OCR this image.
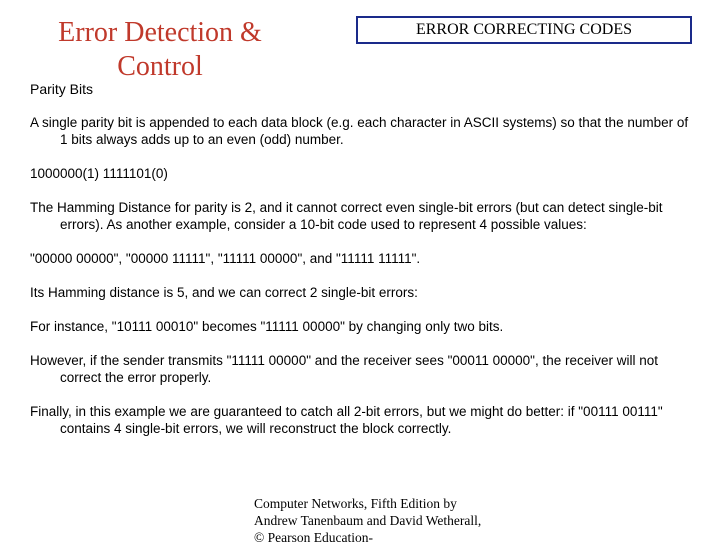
Error Detection & Control
ERROR CORRECTING CODES
Parity Bits

A single parity bit is appended to each data block (e.g. each character in ASCII systems) so that the number of 1 bits always adds up to an even (odd) number.

1000000(1) 1111101(0)

The Hamming Distance for parity is 2, and it cannot correct even single-bit errors (but can detect single-bit errors). As another example, consider a 10-bit code used to represent 4 possible values:

"00000 00000", "00000 11111", "11111 00000", and "11111 11111".

Its Hamming distance is 5, and we can correct 2 single-bit errors:

For instance, "10111 00010" becomes "11111 00000" by changing only two bits.

However, if the sender transmits "11111 00000" and the receiver sees "00011 00000", the receiver will not correct the error properly.

Finally, in this example we are guaranteed to catch all 2-bit errors, but we might do better: if "00111 00111" contains 4 single-bit errors, we will reconstruct the block correctly.

Computer Networks, Fifth Edition by Andrew Tanenbaum and David Wetherall, © Pearson Education-
